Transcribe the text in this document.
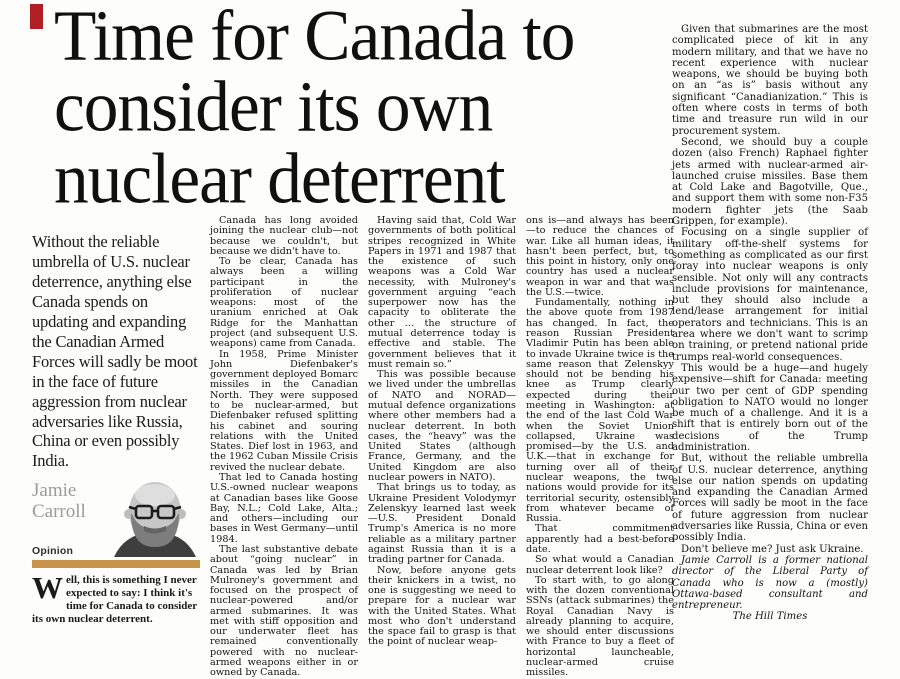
Time for Canada to consider its own nuclear deterrent

Without the reliable umbrella of U.S. nuclear deterrence, anything else Canada spends on updating and expanding the Canadian Armed Forces will sadly be moot in the face of future aggression from nuclear adversaries like Russia, China or even possibly India.

Jamie Carroll
Opinion

Well, this is something I never expected to say: I think it's time for Canada to consider its own nuclear deterrent.

Canada has long avoided joining the nuclear club—not because we couldn't, but because we didn't have to.

To be clear, Canada has always been a willing participant in the proliferation of nuclear weapons: most of the uranium enriched at Oak Ridge for the Manhattan project (and subsequent U.S. weapons) came from Canada.

In 1958, Prime Minister John Diefenbaker's government deployed Bomarc missiles in the Canadian North. They were supposed to be nuclear-armed, but Diefenbaker refused splitting his cabinet and souring relations with the United States. Dief lost in 1963, and the 1962 Cuban Missile Crisis revived the nuclear debate.

That led to Canada hosting U.S.-owned nuclear weapons at Canadian bases like Goose Bay, N.L.; Cold Lake, Alta.; and others—including our bases in West Germany—until 1984.

The last substantive debate about “going nuclear” in Canada was led by Brian Mulroney's government and focused on the prospect of nuclear-powered and/or armed submarines. It was met with stiff opposition and our underwater fleet has remained conventionally powered with no nuclear-armed weapons either in or owned by Canada.

Having said that, Cold War governments of both political stripes recognized in White Papers in 1971 and 1987 that the existence of such weapons was a Cold War necessity, with Mulroney's government arguing “each superpower now has the capacity to obliterate the other … the structure of mutual deterrence today is effective and stable. The government believes that it must remain so.”

This was possible because we lived under the umbrellas of NATO and NORAD—mutual defence organizations where other members had a nuclear deterrent. In both cases, the “heavy” was the United States (although France, Germany, and the United Kingdom are also nuclear powers in NATO).

That brings us to today, as Ukraine President Volodymyr Zelenskyy learned last week—U.S. President Donald Trump's America is no more reliable as a military partner against Russia than it is a trading partner for Canada.

Now, before anyone gets their knickers in a twist, no one is suggesting we need to prepare for a nuclear war with the United States. What most who don't understand the space fail to grasp is that the point of nuclear weap-

ons is—and always has been—to reduce the chances of war. Like all human ideas, it hasn't been perfect, but, to this point in history, only one country has used a nuclear weapon in war and that was the U.S.—twice.

Fundamentally, nothing in the above quote from 1987 has changed. In fact, the reason Russian President Vladimir Putin has been able to invade Ukraine twice is the same reason that Zelenskyy should not be bending his knee as Trump clearly expected during their meeting in Washington: at the end of the last Cold War when the Soviet Union collapsed, Ukraine was promised—by the U.S. and U.K.—that in exchange for turning over all of their nuclear weapons, the two nations would provide for its territorial security, ostensibly from whatever became of Russia.

That commitment apparently had a best-before date.

So what would a Canadian nuclear deterrent look like?

To start with, to go along with the dozen conventional SSNs (attack submarines) the Royal Canadian Navy is already planning to acquire, we should enter discussions with France to buy a fleet of horizontal launcheable, nuclear-armed cruise missiles.

Given that submarines are the most complicated piece of kit in any modern military, and that we have no recent experience with nuclear weapons, we should be buying both on an “as is” basis without any significant “Canadianization.” This is often where costs in terms of both time and treasure run wild in our procurement system.

Second, we should buy a couple dozen (also French) Raphael fighter jets armed with nuclear-armed air-launched cruise missiles. Base them at Cold Lake and Bagotville, Que., and support them with some non-F35 modern fighter jets (the Saab Grippen, for example).

Focusing on a single supplier of military off-the-shelf systems for something as complicated as our first foray into nuclear weapons is only sensible. Not only will any contracts include provisions for maintenance, but they should also include a lend/lease arrangement for initial operators and technicians. This is an area where we don't want to scrimp on training, or pretend national pride trumps real-world consequences.

This would be a huge—and hugely expensive—shift for Canada: meeting our two per cent of GDP spending obligation to NATO would no longer be much of a challenge. And it is a shift that is entirely born out of the decisions of the Trump administration.

But, without the reliable umbrella of U.S. nuclear deterrence, anything else our nation spends on updating and expanding the Canadian Armed Forces will sadly be moot in the face of future aggression from nuclear adversaries like Russia, China or even possibly India.

Don't believe me? Just ask Ukraine.

Jamie Carroll is a former national director of the Liberal Party of Canada who is now a (mostly) Ottawa-based consultant and entrepreneur.

The Hill Times
